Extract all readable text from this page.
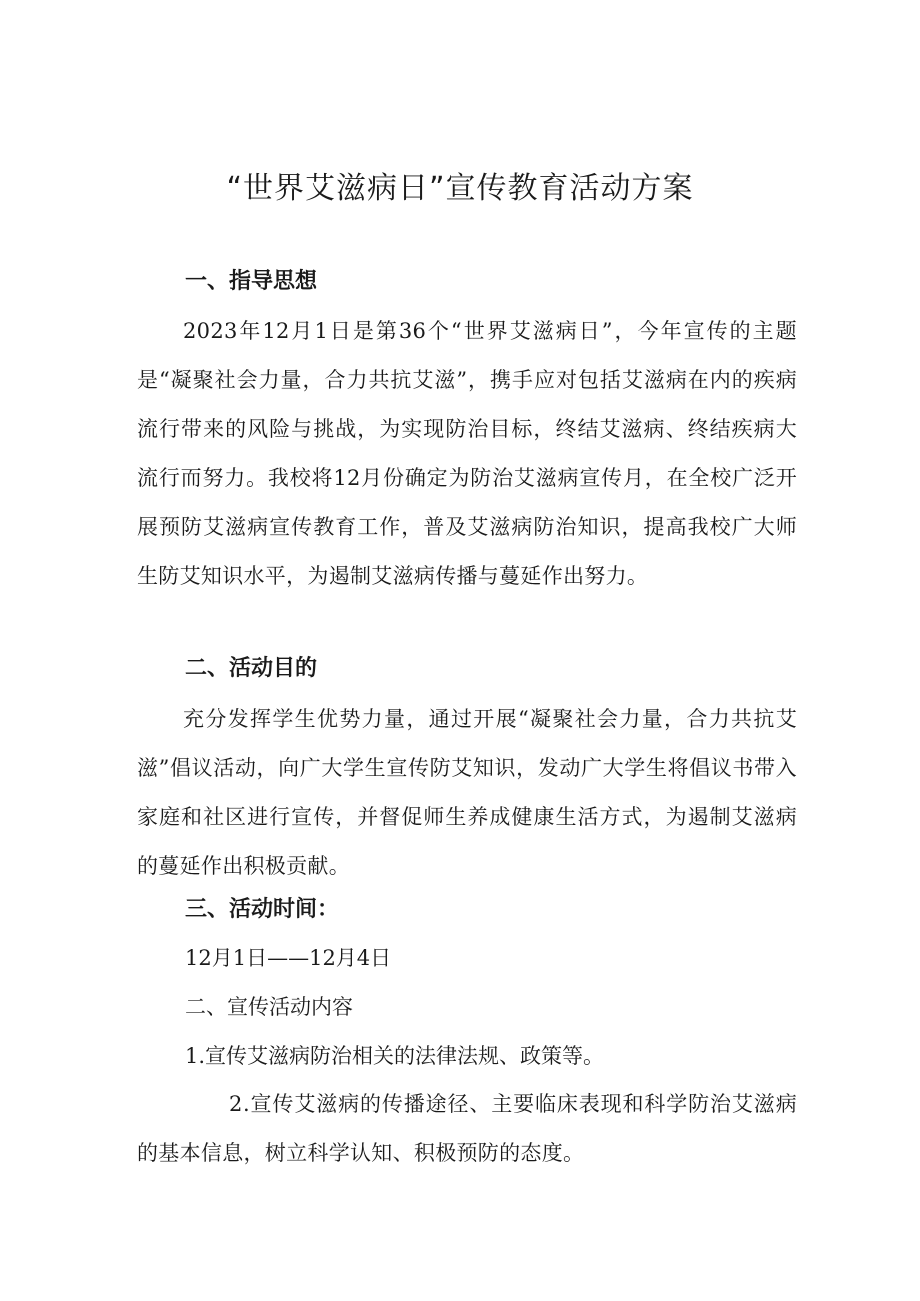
“世界艾滋病日”宣传教育活动方案
一、指导思想

2023年12月1日是第36个“世界艾滋病日”，今年宣传的主题是“凝聚社会力量，合力共抗艾滋”，携手应对包括艾滋病在内的疾病流行带来的风险与挑战，为实现防治目标，终结艾滋病、终结疾病大流行而努力。我校将12月份确定为防治艾滋病宣传月，在全校广泛开展预防艾滋病宣传教育工作，普及艾滋病防治知识，提高我校广大师生防艾知识水平，为遏制艾滋病传播与蔓延作出努力。

二、活动目的

充分发挥学生优势力量，通过开展“凝聚社会力量，合力共抗艾滋”倡议活动，向广大学生宣传防艾知识，发动广大学生将倡议书带入家庭和社区进行宣传，并督促师生养成健康生活方式，为遏制艾滋病的蔓延作出积极贡献。

三、活动时间：

12月1日——12月4日

二、宣传活动内容

1.宣传艾滋病防治相关的法律法规、政策等。

2.宣传艾滋病的传播途径、主要临床表现和科学防治艾滋病的基本信息，树立科学认知、积极预防的态度。
